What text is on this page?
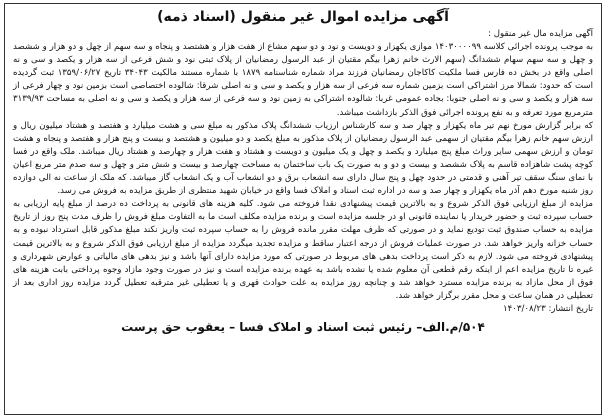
آگهی مزایده اموال غیر منقول (اسناد ذمه)

آگهی مزایده مال غیر منقول :

به موجب پرونده اجرائی کلاسه ۱۴۰۳۰۰۰۰۹۹ موازی یکهزار و دویست و نود و دو سهم مشاع از هفت هزار و هشتصد و پنجاه و سه سهم از چهل و دو هزار و ششصد و چهل و سه سهم سهام ششدانگ (سهم الارث خانم زهرا بیگم مقتیان از عبد الرسول رمضانیان از پلاک ثبتی نود و شش فرعی از سه هزار و یکصد و سی و نه اصلی واقع در بخش ده فارس فسا ملکیت کاکاجان رمضانیان فرزند مراد شماره شناسنامه ۱۸۷۹ با شماره مستند مالکیت ۳۴۰۴۳ تاریخ ۱۳۵۹/۰۶/۲۷ ثبت گردیده است که حدود: شمالا مرز اشتراکی است بزمین شماره سه فرعی از سه هزار و یکصد و سی و نه اصلی شرقا: شالوده اختصاصی است بزمین نود و چهار فرعی از سه هزار و یکصد و سی و نه اصلی جنوبا: بجاده عمومی غربا: شالوده اشتراکی به زمین نود و سه فرعی از سه هزار و یکصد و سی و نه اصلی به مساحت ۳۱۳۹/۹۳ مترمربع مورد تعرفه و به نفع پرونده اجرائی فوق الذکر بازداشت میباشد.

که برابر گزارش مورخ نهم تیر ماه یکهزار و چهار صد و سه کارشناس ارزیاب ششدانگ پلاک مذکور به مبلغ سی و هشت میلیارد و هفتصد و هشتاد میلیون ریال و ارزش سهم خانم زهرا بیگم مقتیان از سهمی عبد الرسول رمضانیان از پلاک مذکور به مبلغ یکصد و دو میلیون و هشتصد و بیست و پنج هزار و هفتصد و پنجاه و هشت تومان و ارزش سهمی سایر وراث مبلغ پنج میلیارد و یکصد و چهل و یک میلیون و دویست و هشتاد و هفت هزار و چهارصد و هشتاد ریال میباشد. ملک واقع در فسا کوچه پشت شاهزاده قاسم به پلاک ششصد و بیست و دو و به صورت یک باب ساختمان به مساحت چهارصد و بیست و شش متر و چهل و سه صدم متر مربع اعیان با نمای سنگ سقف تیر آهنی و قدمتی در حدود چهل و پنج سال دارای سه انشعاب برق و دو انشعاب آب و یک انشعاب گاز میباشد. که ملک از ساعت نه الی دوازده روز شنبه مورخ دهم آذر ماه یکهزار و چهار صد و سه در اداره ثبت اسناد و املاک فسا واقع در خیابان شهید منتظری از طریق مزایده به فروش می رسد.

مزایده از مبلغ ارزیابی فوق الذکر شروع و به بالاترین قیمت پیشنهادی نقدا فروخته می شود. کلیه هزینه های قانونی به پرداخت ده درصد از مبلغ پایه ارزیابی به حساب سپرده ثبت و حضور خریدار یا نماینده قانونی او در جلسه مزایده است و برنده مزایده مکلف است ما به التفاوت مبلغ فروش را ظرف مدت پنج روز از تاریخ مزایده به حساب صندوق ثبت تودیع نماید و در صورتی که ظرف مهلت مقرر مانده فروش را به حساب سپرده ثبت واریز نکند مبلغ مذکور قابل استرداد نبوده و به حساب خزانه واریز خواهد شد. در صورت عملیات فروش از درجه اعتبار ساقط و مزایده تجدید میگردد مزایده از مبلغ ارزیابی فوق الذکر شروع و به بالاترین قیمت پیشنهادی فروخته می شود. لازم به ذکر است پرداخت بدهی های مربوط در صورتی که مورد مزایده دارای آنها باشد و نیز بدهی های مالیاتی و عوارض شهرداری و غیره تا تاریخ مزایده اعم از اینکه رقم قطعی آن معلوم شده یا نشده باشد به عهده برنده مزایده است و نیز در صورت وجود مازاد وجوه پرداختی بابت هزینه های فوق از محل مازاد به برنده مزایده مسترد خواهد شد و چنانچه روز مزایده به علت حوادث قهری و یا تعطیلی غیر مترقبه تعطیل گردد مزایده روز اداری بعد از تعطیلی در همان ساعت و محل مقرر برگزار خواهد شد.

تاریخ انتشار: ۱۴۰۳/۰۸/۲۳

۵۰۴/م.الف– رئیس ثبت اسناد و املاک فسا – یعقوب حق پرست
